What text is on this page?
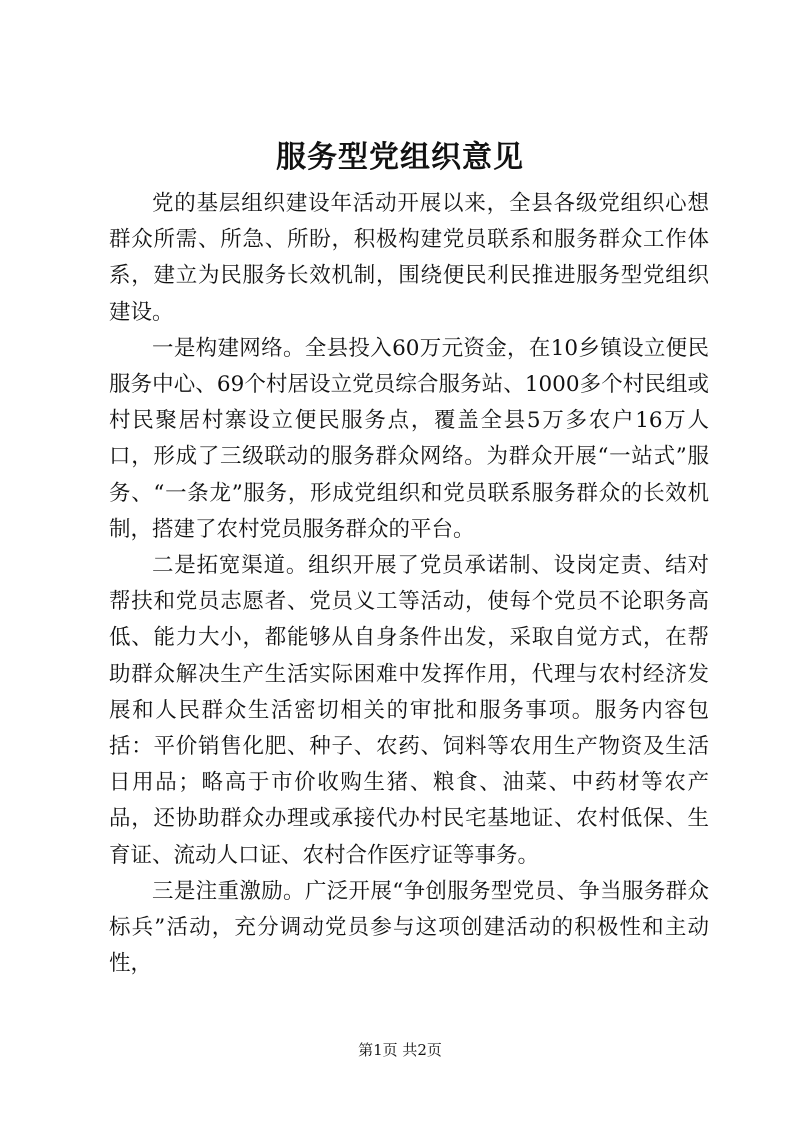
服务型党组织意见

党的基层组织建设年活动开展以来，全县各级党组织心想群众所需、所急、所盼，积极构建党员联系和服务群众工作体系，建立为民服务长效机制，围绕便民利民推进服务型党组织建设。

一是构建网络。全县投入60万元资金，在10乡镇设立便民服务中心、69个村居设立党员综合服务站、1000多个村民组或村民聚居村寨设立便民服务点，覆盖全县5万多农户16万人口，形成了三级联动的服务群众网络。为群众开展“一站式”服务、“一条龙”服务，形成党组织和党员联系服务群众的长效机制，搭建了农村党员服务群众的平台。

二是拓宽渠道。组织开展了党员承诺制、设岗定责、结对帮扶和党员志愿者、党员义工等活动，使每个党员不论职务高低、能力大小，都能够从自身条件出发，采取自觉方式，在帮助群众解决生产生活实际困难中发挥作用，代理与农村经济发展和人民群众生活密切相关的审批和服务事项。服务内容包括：平价销售化肥、种子、农药、饲料等农用生产物资及生活日用品；略高于市价收购生猪、粮食、油菜、中药材等农产品，还协助群众办理或承接代办村民宅基地证、农村低保、生育证、流动人口证、农村合作医疗证等事务。

三是注重激励。广泛开展“争创服务型党员、争当服务群众标兵”活动，充分调动党员参与这项创建活动的积极性和主动性，

第1页 共2页
